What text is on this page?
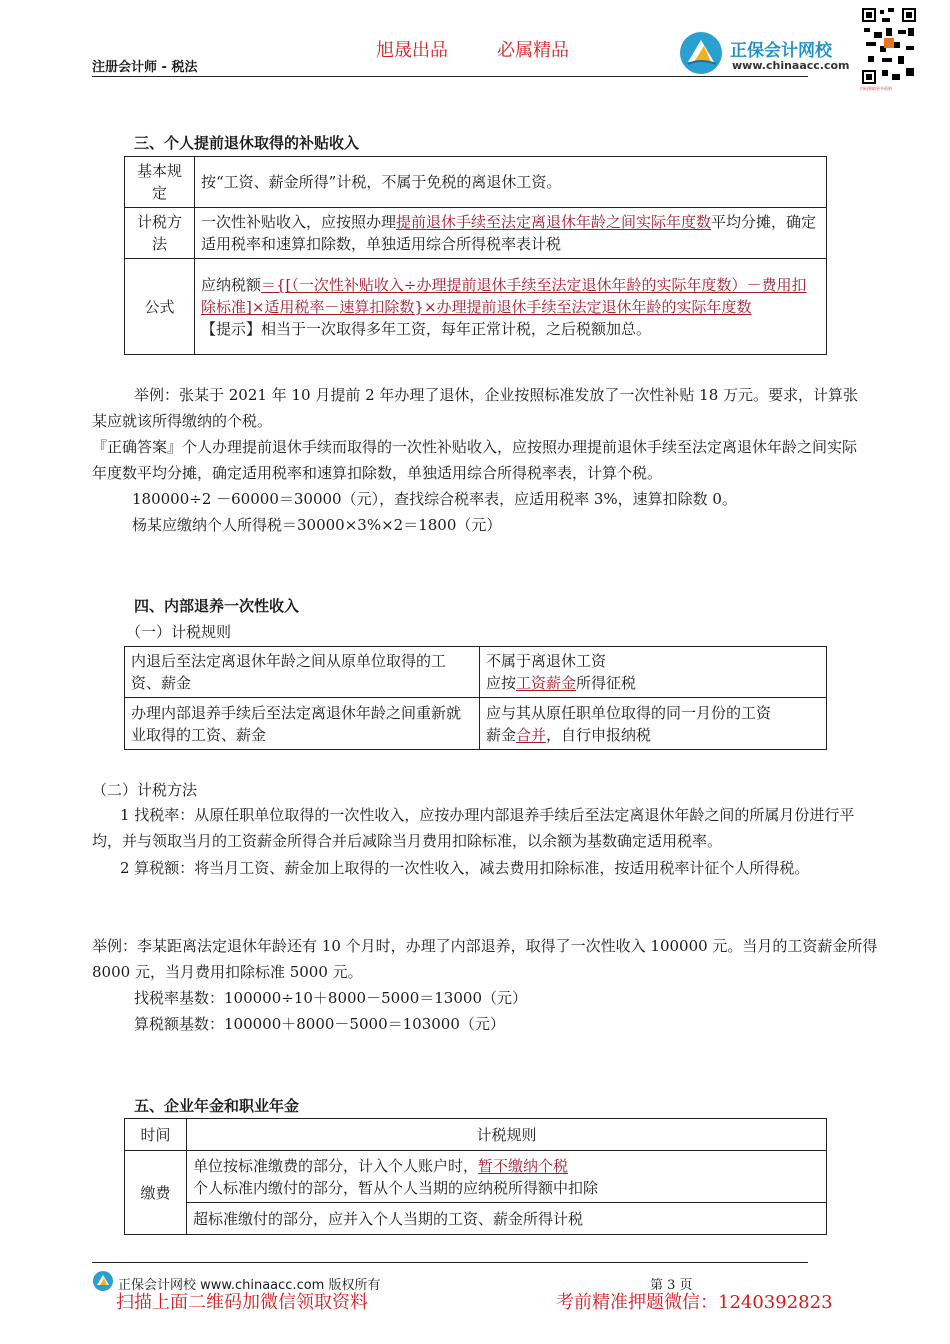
旭晟出品	必属精品
注册会计师 - 税法
正保会计网校
www.chinaacc.com
扫码领取更多资料
三、个人提前退休取得的补贴收入
基本规定	按“工资、薪金所得”计税，不属于免税的离退休工资。
计税方法	一次性补贴收入，应按照办理提前退休手续至法定离退休年龄之间实际年度数平均分摊，确定适用税率和速算扣除数，单独适用综合所得税率表计税
公式	应纳税额＝{[（一次性补贴收入÷办理提前退休手续至法定退休年龄的实际年度数）－费用扣除标准]×适用税率－速算扣除数}×办理提前退休手续至法定退休年龄的实际年度数
【提示】相当于一次取得多年工资，每年正常计税，之后税额加总。
举例：张某于 2021 年 10 月提前 2 年办理了退休，企业按照标准发放了一次性补贴 18 万元。要求，计算张某应就该所得缴纳的个税。
『正确答案』个人办理提前退休手续而取得的一次性补贴收入，应按照办理提前退休手续至法定离退休年龄之间实际年度数平均分摊，确定适用税率和速算扣除数，单独适用综合所得税率表，计算个税。
180000÷2 －60000＝30000（元），查找综合税率表，应适用税率 3%，速算扣除数 0。
杨某应缴纳个人所得税＝30000×3%×2＝1800（元）
四、内部退养一次性收入
（一）计税规则
内退后至法定离退休年龄之间从原单位取得的工资、薪金	不属于离退休工资
应按工资薪金所得征税
办理内部退养手续后至法定离退休年龄之间重新就业取得的工资、薪金	应与其从原任职单位取得的同一月份的工资
薪金合并，自行申报纳税
（二）计税方法
1 找税率：从原任职单位取得的一次性收入，应按办理内部退养手续后至法定离退休年龄之间的所属月份进行平均，并与领取当月的工资薪金所得合并后减除当月费用扣除标准，以余额为基数确定适用税率。
2 算税额：将当月工资、薪金加上取得的一次性收入，减去费用扣除标准，按适用税率计征个人所得税。
举例：李某距离法定退休年龄还有 10 个月时，办理了内部退养，取得了一次性收入 100000 元。当月的工资薪金所得 8000 元，当月费用扣除标准 5000 元。
找税率基数：100000÷10＋8000－5000＝13000（元）
算税额基数：100000＋8000－5000＝103000（元）
五、企业年金和职业年金
时间	计税规则
缴费	单位按标准缴费的部分，计入个人账户时，暂不缴纳个税
个人标准内缴付的部分，暂从个人当期的应纳税所得额中扣除
	超标准缴付的部分，应并入个人当期的工资、薪金所得计税
正保会计网校 www.chinaacc.com 版权所有	第 3 页
扫描上面二维码加微信领取资料	考前精准押题微信：1240392823
